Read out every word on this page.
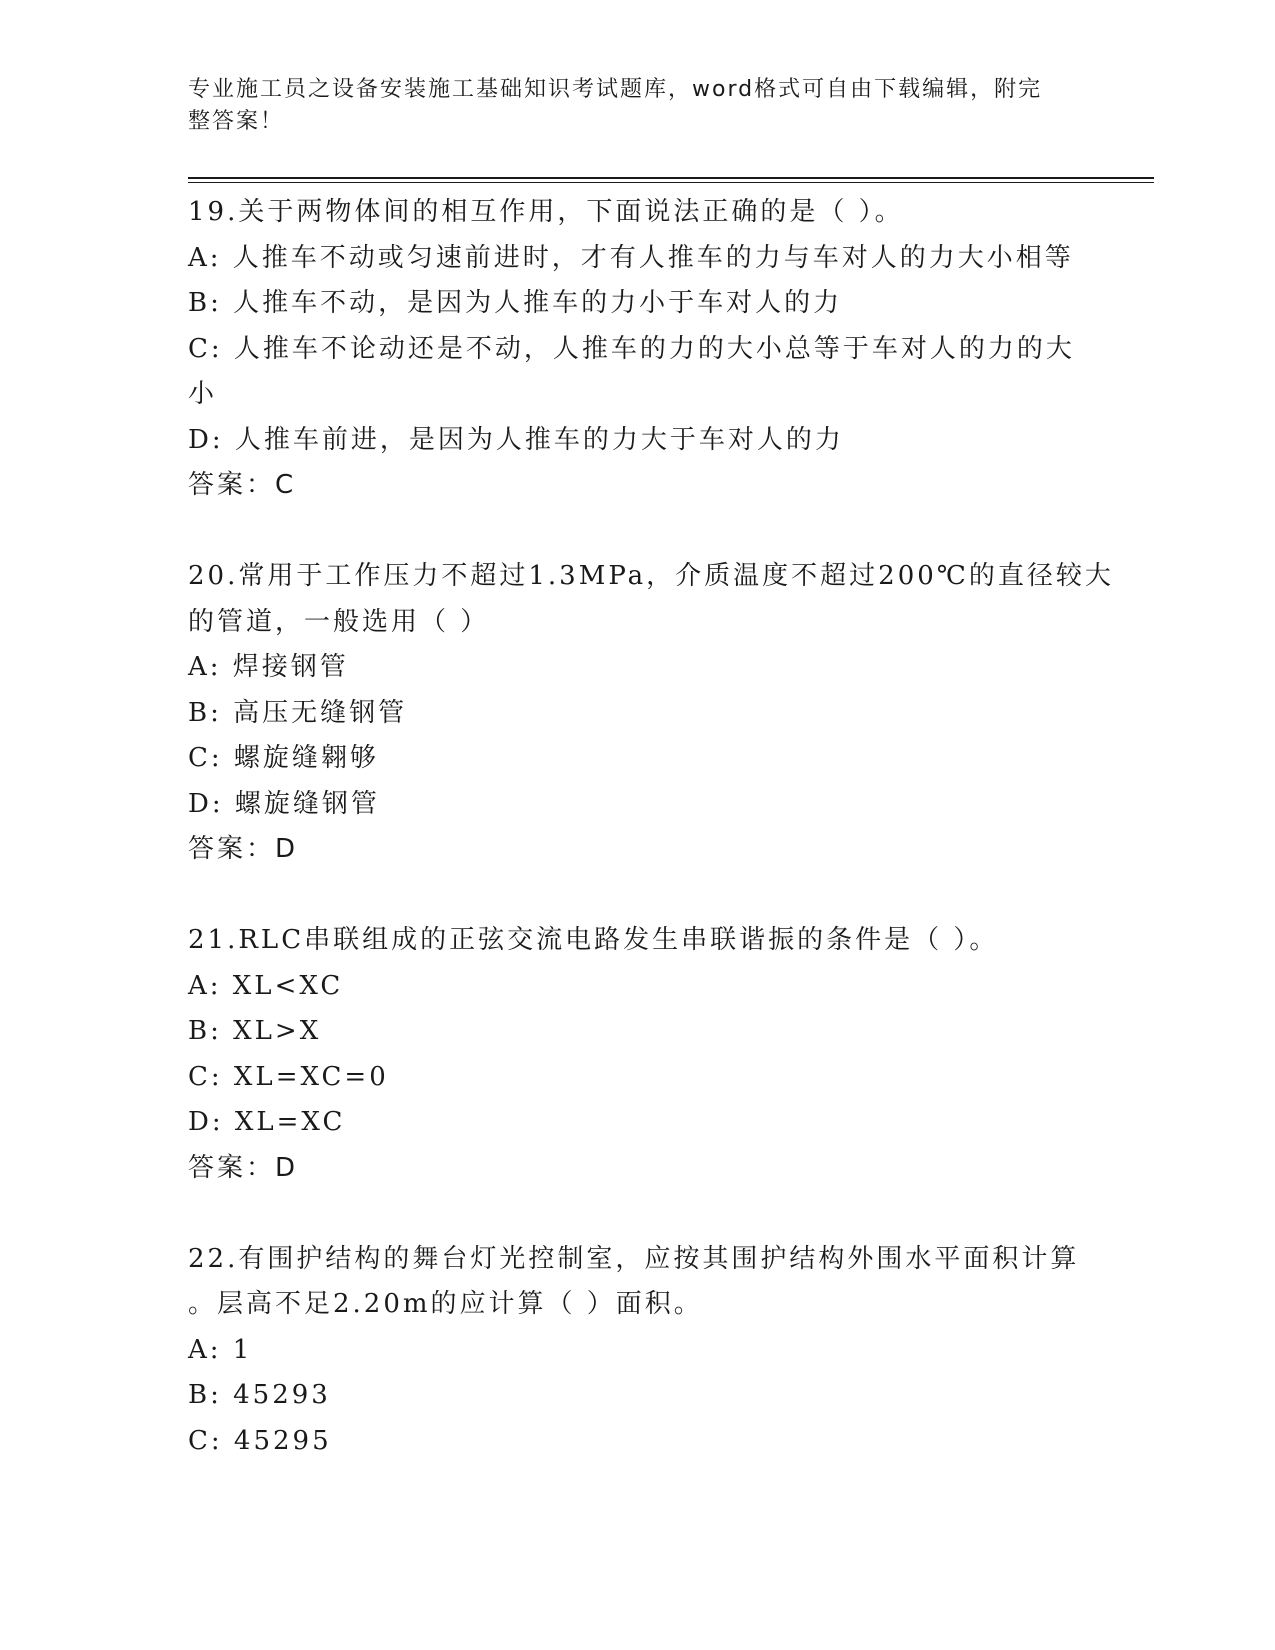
专业施工员之设备安装施工基础知识考试题库，word格式可自由下载编辑，附完
整答案！
19.关于两物体间的相互作用，下面说法正确的是（ ）。
A: 人推车不动或匀速前进时，才有人推车的力与车对人的力大小相等
B: 人推车不动，是因为人推车的力小于车对人的力
C: 人推车不论动还是不动，人推车的力的大小总等于车对人的力的大
小
D: 人推车前进，是因为人推车的力大于车对人的力
答案：C
20.常用于工作压力不超过1.3MPa，介质温度不超过200℃的直径较大
的管道，一般选用（ ）
A: 焊接钢管
B: 高压无缝钢管
C: 螺旋缝翱够
D: 螺旋缝钢管
答案：D
21.RLC串联组成的正弦交流电路发生串联谐振的条件是（ ）。
A: XL<XC
B: XL>X
C: XL=XC=0
D: XL=XC
答案：D
22.有围护结构的舞台灯光控制室，应按其围护结构外围水平面积计算
。层高不足2.20m的应计算（ ）面积。
A: 1
B: 45293
C: 45295
